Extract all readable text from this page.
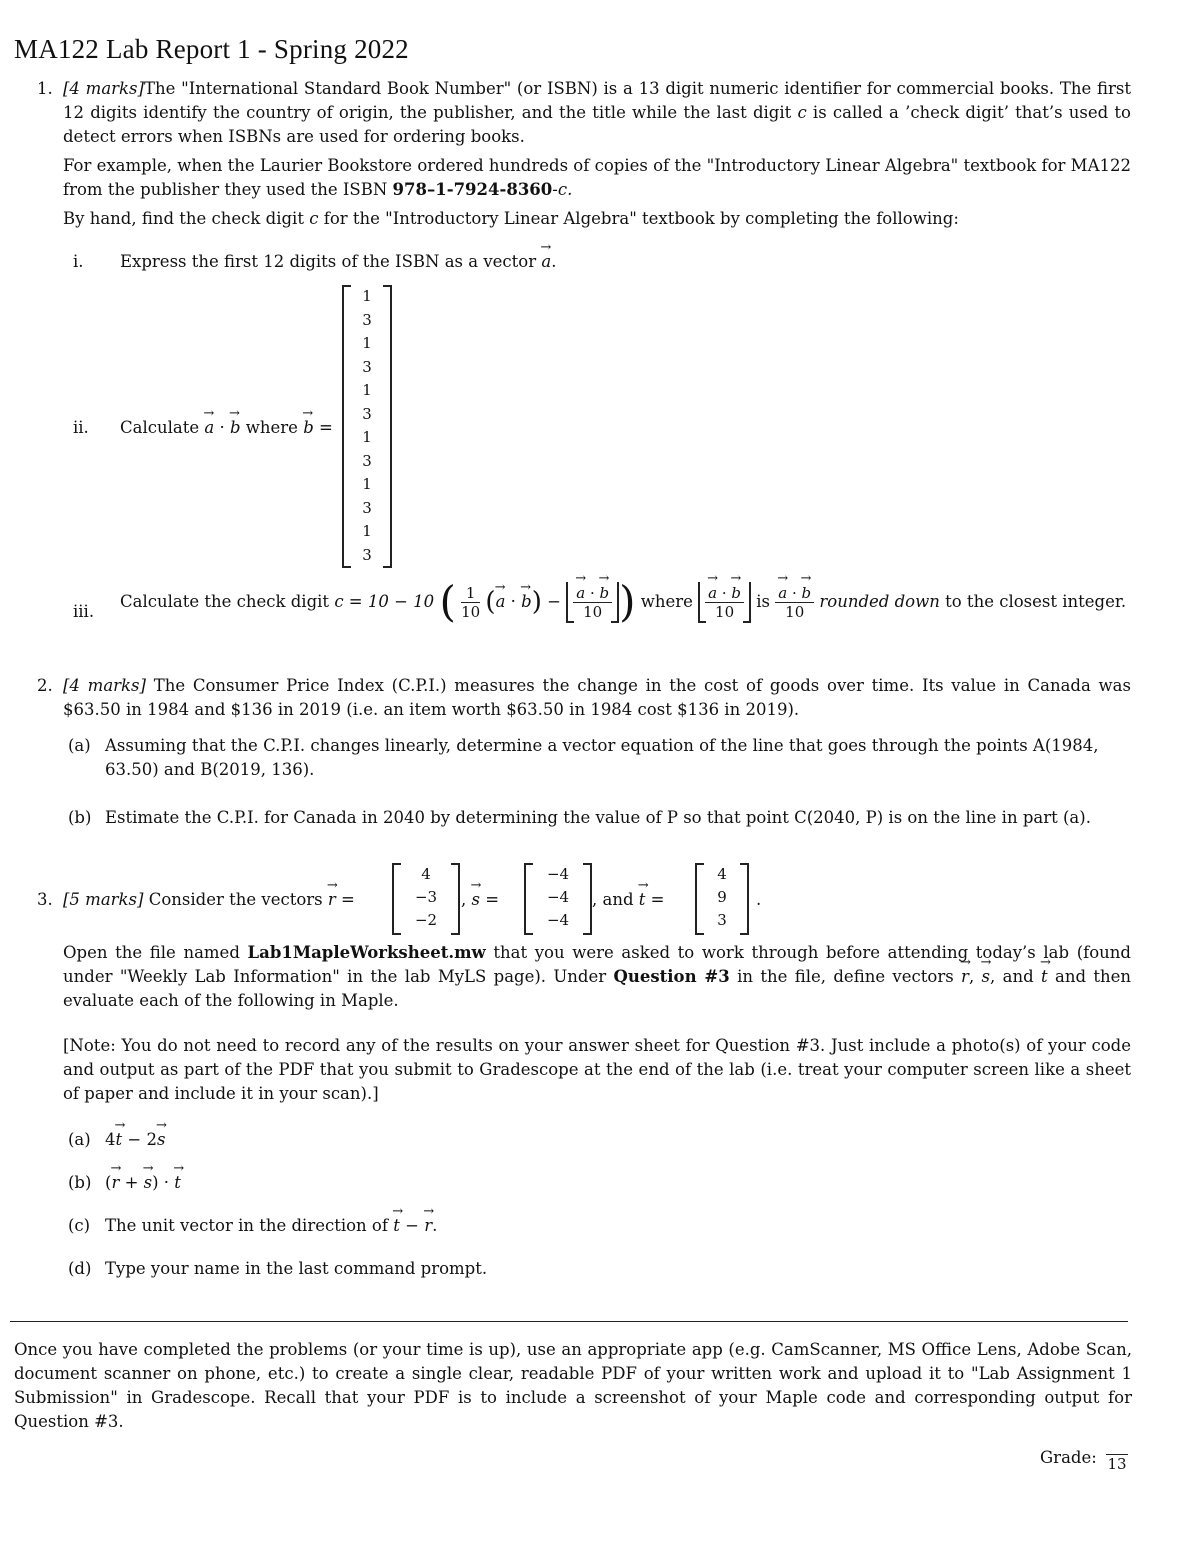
MA122 Lab Report 1 - Spring 2022
1. [4 marks]The "International Standard Book Number" (or ISBN) is a 13 digit numeric identifier for commercial books. The first 12 digits identify the country of origin, the publisher, and the title while the last digit c is called a ’check digit’ that’s used to detect errors when ISBNs are used for ordering books.
For example, when the Laurier Bookstore ordered hundreds of copies of the "Introductory Linear Algebra" textbook for MA122 from the publisher they used the ISBN 978–1-7924-8360-c.
By hand, find the check digit c for the "Introductory Linear Algebra" textbook by completing the following:
i. Express the first 12 digits of the ISBN as a vector → a.
ii. Calculate → a · → b where → b =
1
3
1
3
1
3
1
3
1
3
1
3
iii.
Calculate the check digit c = 10 − 10 ( $\frac{1}{10}$ (→ a · → b) − → $\frac{a \cdot \to b}{10}$ ) where → $\frac{a \cdot \to b}{10}$ is → $\frac{a \cdot \to b}{10}$ rounded down to the closest integer.
2. [4 marks] The Consumer Price Index (C.P.I.) measures the change in the cost of goods over time. Its value in Canada was $63.50 in 1984 and $136 in 2019 (i.e. an item worth $63.50 in 1984 cost $136 in 2019).
(a) Assuming that the C.P.I. changes linearly, determine a vector equation of the line that goes through the points A(1984, 63.50) and B(2019, 136).
(b) Estimate the C.P.I. for Canada in 2040 by determining the value of P so that point C(2040, P) is on the line in part (a).
3. [5 marks] Consider the vectors → r =
4
−3
−2
, → s =
−4
−4
−4
, and → t =
4
9
3
.
Open the file named Lab1MapleWorksheet.mw that you were asked to work through before attending today’s lab (found under "Weekly Lab Information" in the lab MyLS page). Under Question #3 in the file, define vectors → r, → s, and → t and then evaluate each of the following in Maple.
[Note: You do not need to record any of the results on your answer sheet for Question #3. Just include a photo(s) of your code and output as part of the PDF that you submit to Gradescope at the end of the lab (i.e. treat your computer screen like a sheet of paper and include it in your scan).]
(a) 4→ t − 2→ s
(b) (→ r + → s) · → t
(c) The unit vector in the direction of → t − → r.
(d) Type your name in the last command prompt.
Once you have completed the problems (or your time is up), use an appropriate app (e.g. CamScanner, MS Office Lens, Adobe Scan, document scanner on phone, etc.) to create a single clear, readable PDF of your written work and upload it to "Lab Assignment 1 Submission" in Gradescope. Recall that your PDF is to include a screenshot of your Maple code and corresponding output for Question #3.
Grade: 13
